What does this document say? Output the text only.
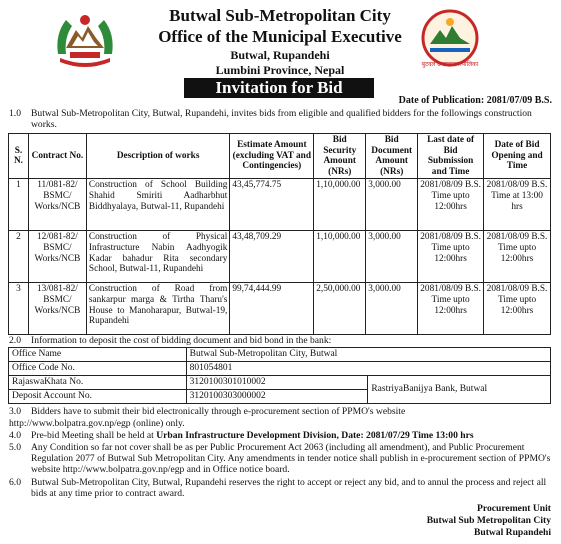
Butwal Sub-Metropolitan City
Office of the Municipal Executive
Butwal, Rupandehi
Lumbini Province, Nepal	बुटवल उपमहानगरपालिका
Invitation for Bid
Date of Publication: 2081/07/09 B.S.
1.0 Butwal Sub-Metropolitan City, Butwal, Rupandehi, invites bids from eligible and qualified bidders for the followings construction works.
S. N.	Contract No.	Description of works	Estimate Amount (excluding VAT and Contingencies)	Bid Security Amount (NRs)	Bid Document Amount (NRs)	Last date of Bid Submission and Time	Date of Bid Opening and Time
1	11/081-82/ BSMC/ Works/NCB	Construction of School Building Shahid Smiriti Aadharbhut Biddhyalaya, Butwal-11, Rupandehi	43,45,774.75	1,10,000.00	3,000.00	2081/08/09 B.S. Time upto 12:00hrs	2081/08/09 B.S. Time at 13:00 hrs
2	12/081-82/ BSMC/ Works/NCB	Construction of Physical Infrastructure Nabin Aadhyogik Kadar bahadur Rita secondary School, Butwal-11, Rupandehi	43,48,709.29	1,10,000.00	3,000.00	2081/08/09 B.S. Time upto 12:00hrs	2081/08/09 B.S. Time upto 12:00hrs
3	13/081-82/ BSMC/ Works/NCB	Construction of Road from sankarpur marga & Tirtha Tharu's House to Manoharapur, Butwal-19, Rupandehi	99,74,444.99	2,50,000.00	3,000.00	2081/08/09 B.S. Time upto 12:00hrs	2081/08/09 B.S. Time upto 12:00hrs
2.0 Information to deposit the cost of bidding document and bid bond in the bank:
Office Name	Butwal Sub-Metropolitan City, Butwal	
Office Code No.	801054801	
RajaswaKhata No.	3120100301010002	RastriyaBanijya Bank, Butwal
Deposit Account No.	3120100303000002	
3.0 Bidders have to submit their bid electronically through e-procurement section of PPMO's website
http://www.bolpatra.gov.np/egp (online) only.
4.0 Pre-bid Meeting shall be held at Urban Infrastructure Development Division, Date: 2081/07/29 Time 13:00 hrs
5.0 Any Condition so far not cover shall be as per Public Procurement Act 2063 (including all amendment), and Public Procurement Regulation 2077 of Butwal Sub Metropolitan City. Any amendments in tender notice shall publish in e-procurement section of PPMO's website http://www.bolpatra.gov.np/egp and in Office notice board.
6.0 Butwal Sub-Metropolitan City, Butwal, Rupandehi reserves the right to accept or reject any bid, and to annul the process and reject all bids at any time prior to contract award.
Procurement Unit
Butwal Sub Metropolitan City
Butwal Rupandehi
